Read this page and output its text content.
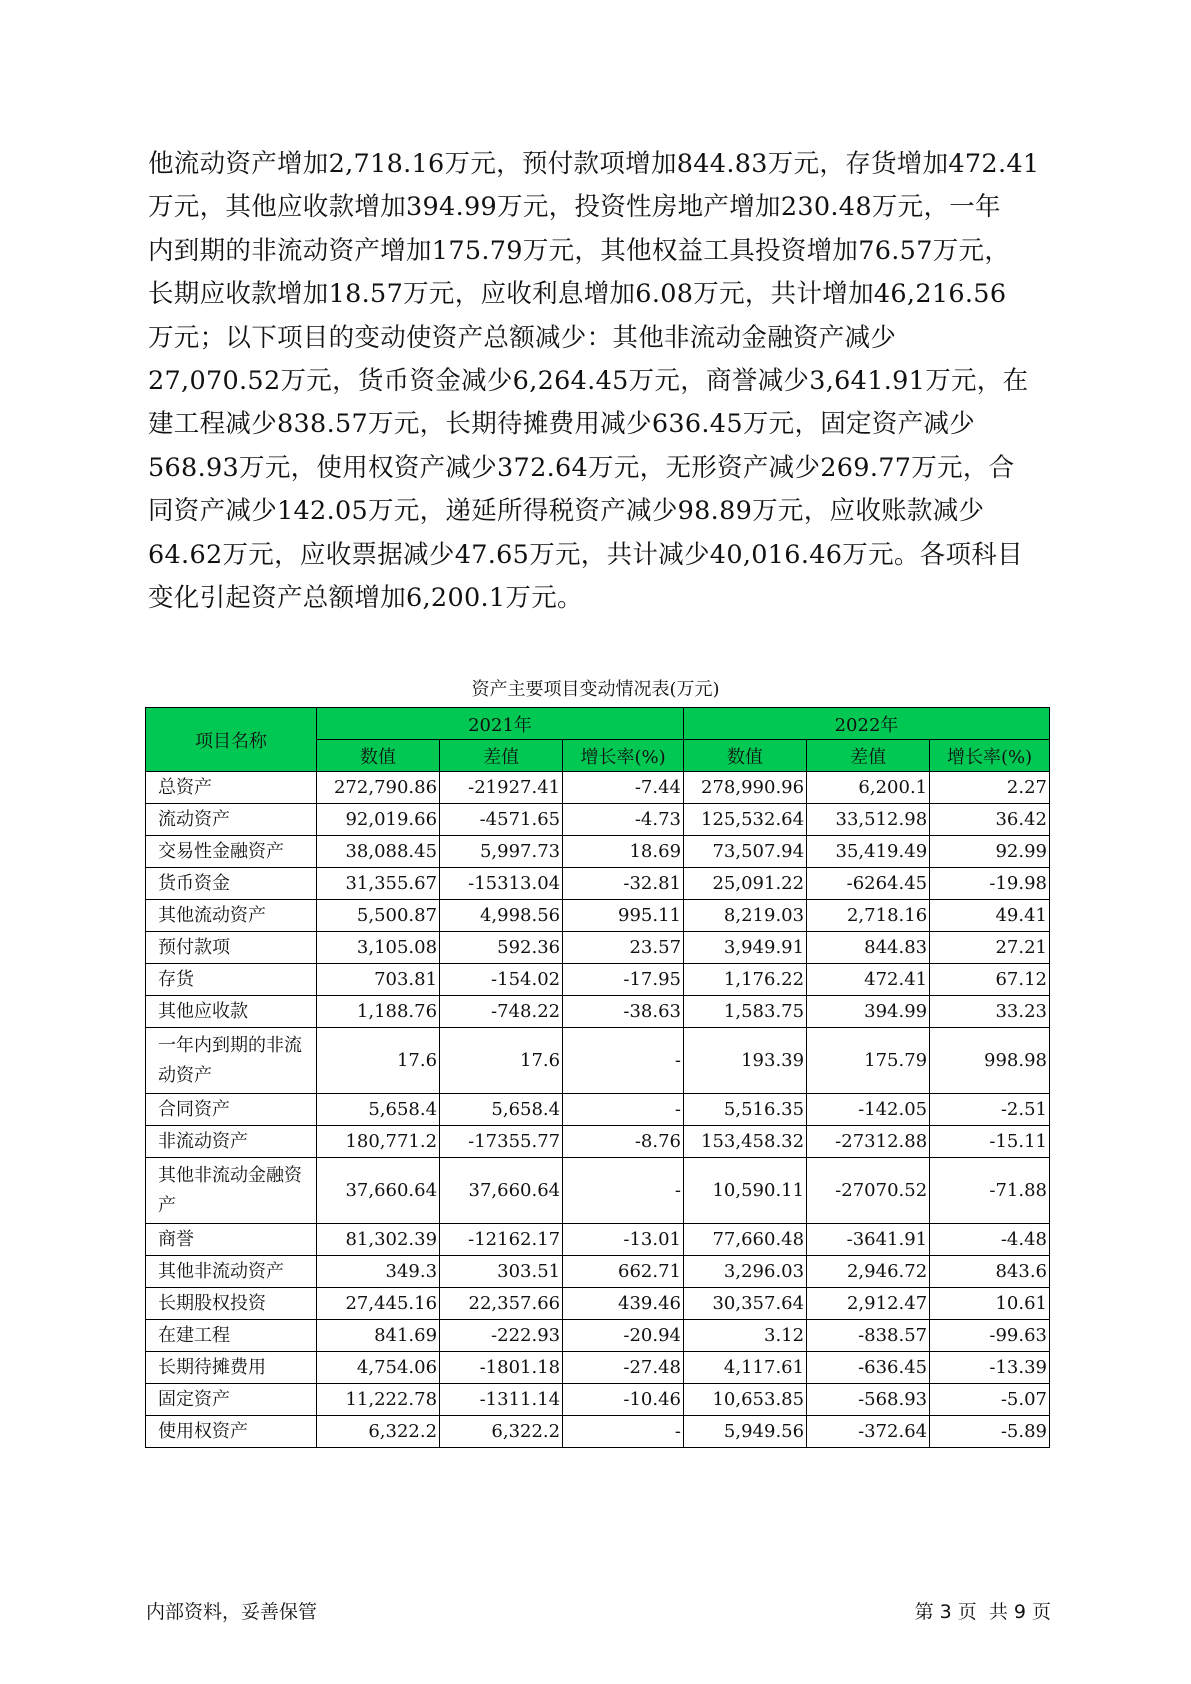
他流动资产增加2,718.16万元，预付款项增加844.83万元，存货增加472.41
万元，其他应收款增加394.99万元，投资性房地产增加230.48万元，一年
内到期的非流动资产增加175.79万元，其他权益工具投资增加76.57万元，
长期应收款增加18.57万元，应收利息增加6.08万元，共计增加46,216.56
万元；以下项目的变动使资产总额减少：其他非流动金融资产减少
27,070.52万元，货币资金减少6,264.45万元，商誉减少3,641.91万元，在
建工程减少838.57万元，长期待摊费用减少636.45万元，固定资产减少
568.93万元，使用权资产减少372.64万元，无形资产减少269.77万元，合
同资产减少142.05万元，递延所得税资产减少98.89万元，应收账款减少
64.62万元，应收票据减少47.65万元，共计减少40,016.46万元。各项科目
变化引起资产总额增加6,200.1万元。
资产主要项目变动情况表(万元)
项目名称	2021年			2022年		
	数值	差值	增长率(%)	数值	差值	增长率(%)
总资产	272,790.86	-21927.41	-7.44	278,990.96	6,200.1	2.27
流动资产	92,019.66	-4571.65	-4.73	125,532.64	33,512.98	36.42
交易性金融资产	38,088.45	5,997.73	18.69	73,507.94	35,419.49	92.99
货币资金	31,355.67	-15313.04	-32.81	25,091.22	-6264.45	-19.98
其他流动资产	5,500.87	4,998.56	995.11	8,219.03	2,718.16	49.41
预付款项	3,105.08	592.36	23.57	3,949.91	844.83	27.21
存货	703.81	-154.02	-17.95	1,176.22	472.41	67.12
其他应收款	1,188.76	-748.22	-38.63	1,583.75	394.99	33.23
一年内到期的非流动资产	17.6	17.6	-	193.39	175.79	998.98
合同资产	5,658.4	5,658.4	-	5,516.35	-142.05	-2.51
非流动资产	180,771.2	-17355.77	-8.76	153,458.32	-27312.88	-15.11
其他非流动金融资产	37,660.64	37,660.64	-	10,590.11	-27070.52	-71.88
商誉	81,302.39	-12162.17	-13.01	77,660.48	-3641.91	-4.48
其他非流动资产	349.3	303.51	662.71	3,296.03	2,946.72	843.6
长期股权投资	27,445.16	22,357.66	439.46	30,357.64	2,912.47	10.61
在建工程	841.69	-222.93	-20.94	3.12	-838.57	-99.63
长期待摊费用	4,754.06	-1801.18	-27.48	4,117.61	-636.45	-13.39
固定资产	11,222.78	-1311.14	-10.46	10,653.85	-568.93	-5.07
使用权资产	6,322.2	6,322.2	-	5,949.56	-372.64	-5.89
内部资料，妥善保管	第 3 页  共 9 页
